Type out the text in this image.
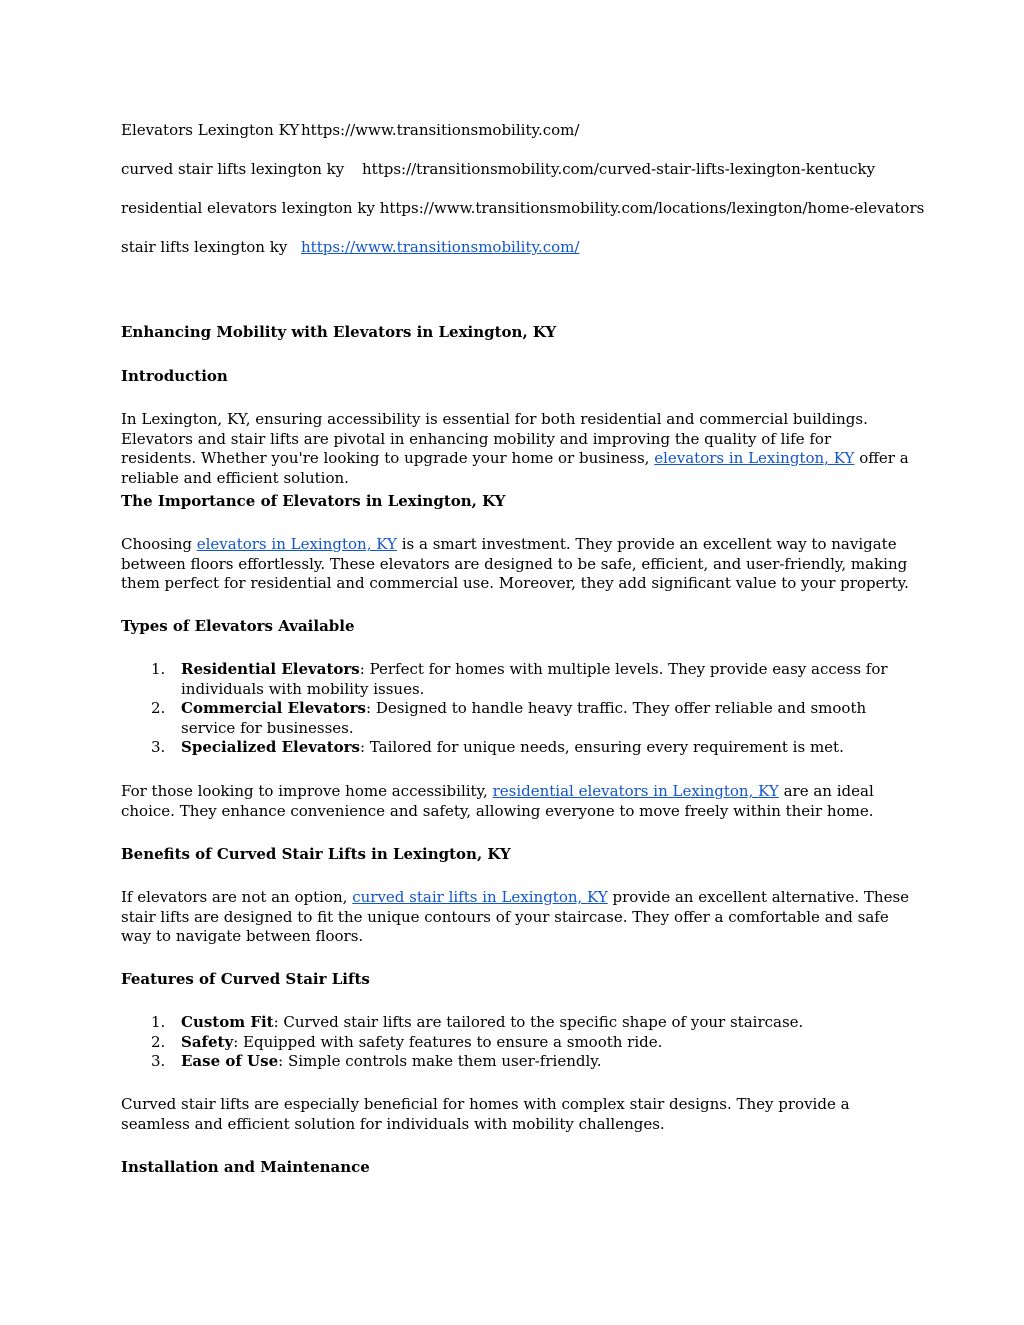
Elevators Lexington KY https://www.transitionsmobility.com/
curved stair lifts lexington ky https://transitionsmobility.com/curved-stair-lifts-lexington-kentucky
residential elevators lexington ky https://www.transitionsmobility.com/locations/lexington/home-elevators
stair lifts lexington ky https://www.transitionsmobility.com/
Enhancing Mobility with Elevators in Lexington, KY
Introduction
In Lexington, KY, ensuring accessibility is essential for both residential and commercial buildings. Elevators and stair lifts are pivotal in enhancing mobility and improving the quality of life for residents. Whether you're looking to upgrade your home or business, elevators in Lexington, KY offer a reliable and efficient solution.
The Importance of Elevators in Lexington, KY
Choosing elevators in Lexington, KY is a smart investment. They provide an excellent way to navigate between floors effortlessly. These elevators are designed to be safe, efficient, and user-friendly, making them perfect for residential and commercial use. Moreover, they add significant value to your property.
Types of Elevators Available
1. Residential Elevators: Perfect for homes with multiple levels. They provide easy access for individuals with mobility issues.
2. Commercial Elevators: Designed to handle heavy traffic. They offer reliable and smooth service for businesses.
3. Specialized Elevators: Tailored for unique needs, ensuring every requirement is met.
For those looking to improve home accessibility, residential elevators in Lexington, KY are an ideal choice. They enhance convenience and safety, allowing everyone to move freely within their home.
Benefits of Curved Stair Lifts in Lexington, KY
If elevators are not an option, curved stair lifts in Lexington, KY provide an excellent alternative. These stair lifts are designed to fit the unique contours of your staircase. They offer a comfortable and safe way to navigate between floors.
Features of Curved Stair Lifts
1. Custom Fit: Curved stair lifts are tailored to the specific shape of your staircase.
2. Safety: Equipped with safety features to ensure a smooth ride.
3. Ease of Use: Simple controls make them user-friendly.
Curved stair lifts are especially beneficial for homes with complex stair designs. They provide a seamless and efficient solution for individuals with mobility challenges.
Installation and Maintenance
